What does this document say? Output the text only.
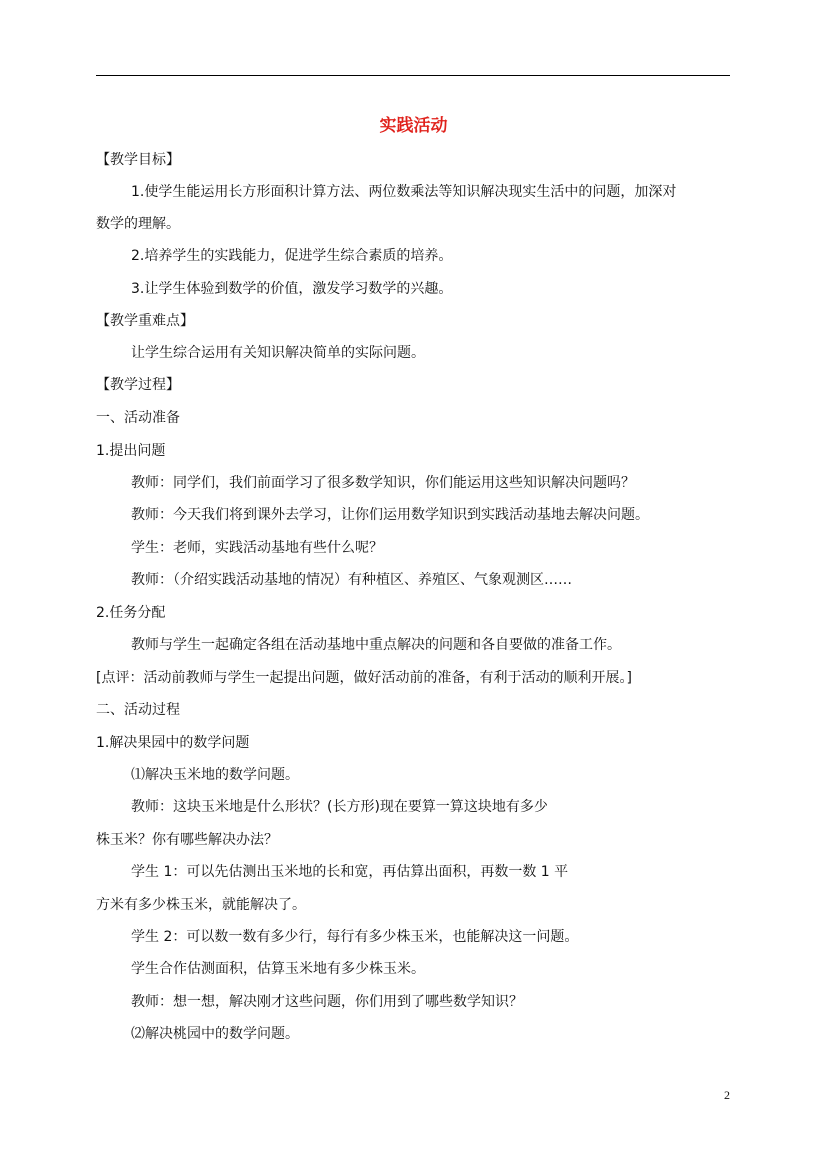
实践活动
【教学目标】
1.使学生能运用长方形面积计算方法、两位数乘法等知识解决现实生活中的问题，加深对
数学的理解。
2.培养学生的实践能力，促进学生综合素质的培养。
3.让学生体验到数学的价值，激发学习数学的兴趣。
【教学重难点】
让学生综合运用有关知识解决简单的实际问题。
【教学过程】
一、活动准备
1.提出问题
教师：同学们，我们前面学习了很多数学知识，你们能运用这些知识解决问题吗？
教师：今天我们将到课外去学习，让你们运用数学知识到实践活动基地去解决问题。
学生：老师，实践活动基地有些什么呢？
教师：（介绍实践活动基地的情况）有种植区、养殖区、气象观测区……
2.任务分配
教师与学生一起确定各组在活动基地中重点解决的问题和各自要做的准备工作。
[点评：活动前教师与学生一起提出问题，做好活动前的准备，有利于活动的顺利开展。]
二、活动过程
1.解决果园中的数学问题
⑴解决玉米地的数学问题。
教师：这块玉米地是什么形状？(长方形)现在要算一算这块地有多少
株玉米？你有哪些解决办法？
学生 1：可以先估测出玉米地的长和宽，再估算出面积，再数一数 1 平
方米有多少株玉米，就能解决了。
学生 2：可以数一数有多少行，每行有多少株玉米，也能解决这一问题。
学生合作估测面积，估算玉米地有多少株玉米。
教师：想一想，解决刚才这些问题，你们用到了哪些数学知识？
⑵解决桃园中的数学问题。
2
